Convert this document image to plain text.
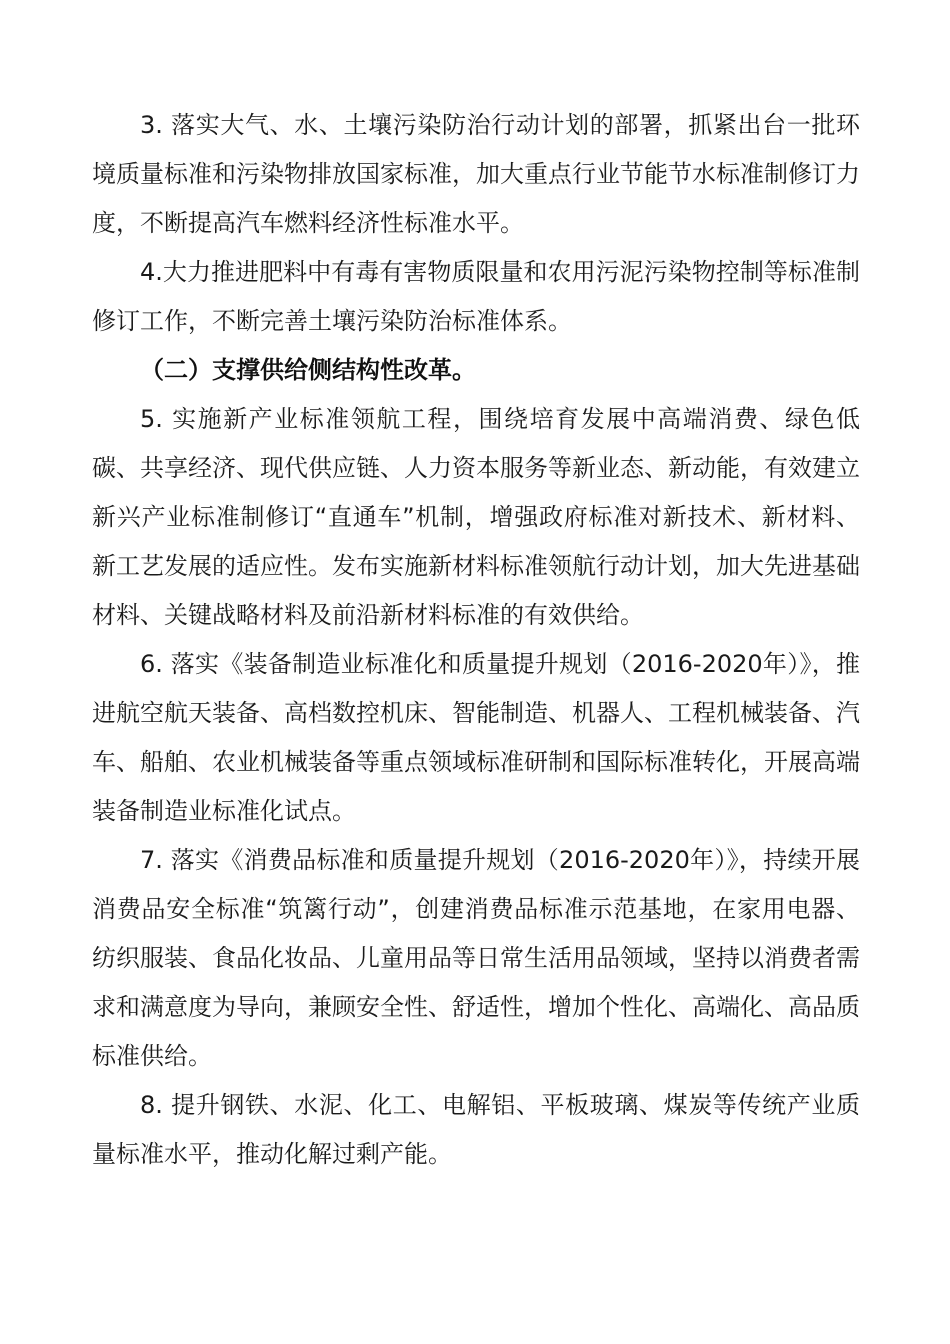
3. 落实大气、水、土壤污染防治行动计划的部署，抓紧出台一批环境质量标准和污染物排放国家标准，加大重点行业节能节水标准制修订力度，不断提高汽车燃料经济性标准水平。

4.大力推进肥料中有毒有害物质限量和农用污泥污染物控制等标准制修订工作，不断完善土壤污染防治标准体系。

（二）支撑供给侧结构性改革。

5. 实施新产业标准领航工程，围绕培育发展中高端消费、绿色低碳、共享经济、现代供应链、人力资本服务等新业态、新动能，有效建立新兴产业标准制修订“直通车”机制，增强政府标准对新技术、新材料、新工艺发展的适应性。发布实施新材料标准领航行动计划，加大先进基础材料、关键战略材料及前沿新材料标准的有效供给。

6. 落实《装备制造业标准化和质量提升规划（2016-2020年）》，推进航空航天装备、高档数控机床、智能制造、机器人、工程机械装备、汽车、船舶、农业机械装备等重点领域标准研制和国际标准转化，开展高端装备制造业标准化试点。

7. 落实《消费品标准和质量提升规划（2016-2020年）》，持续开展消费品安全标准“筑篱行动”，创建消费品标准示范基地，在家用电器、纺织服装、食品化妆品、儿童用品等日常生活用品领域，坚持以消费者需求和满意度为导向，兼顾安全性、舒适性，增加个性化、高端化、高品质标准供给。

8. 提升钢铁、水泥、化工、电解铝、平板玻璃、煤炭等传统产业质量标准水平，推动化解过剩产能。
